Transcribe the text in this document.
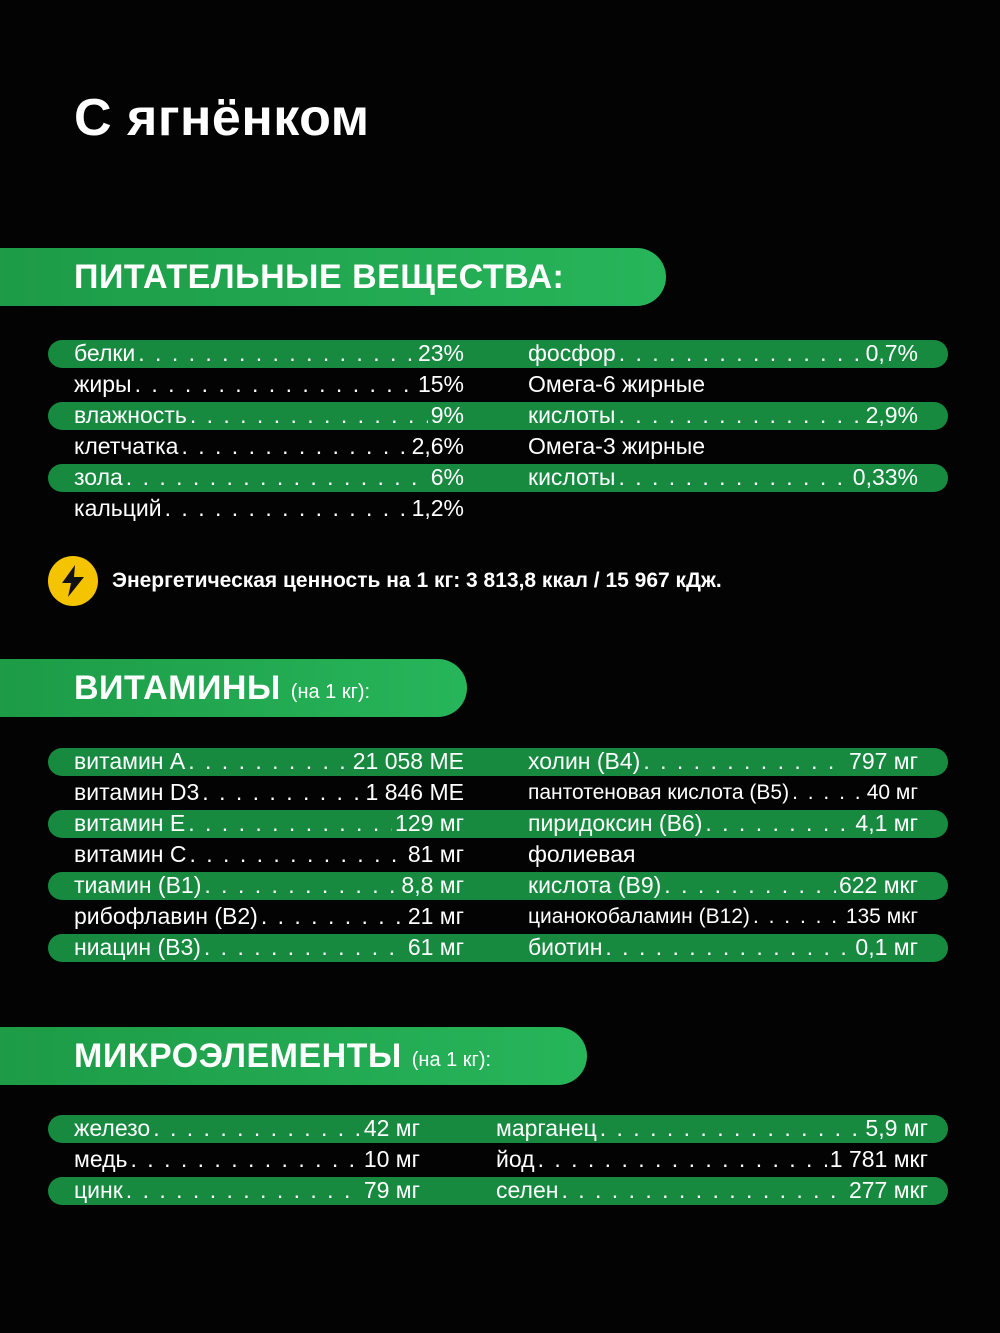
С ягнёнком
ПИТАТЕЛЬНЫЕ ВЕЩЕСТВА:
белки . . .	23%
жиры . . .	15%
влажность . . .	9%
клетчатка . . .	2,6%
зола . . .	6%
кальций . . .	1,2%
фосфор . . .	0,7%
Омега-6 жирные
кислоты . . .	2,9%
Омега-3 жирные
кислоты . . .	0,33%
Энергетическая ценность на 1 кг: 3 813,8 ккал / 15 967 кДж.
ВИТАМИНЫ (на 1 кг):
витамин A . . .	21 058 МЕ
витамин D3 . . .	1 846 МЕ
витамин Е . . .	129 мг
витамин С . . .	81 мг
тиамин (B1) . . .	8,8 мг
рибофлавин (B2) . . .	21 мг
ниацин (B3) . . .	61 мг
холин (B4) . . .	797 мг
пантотеновая кислота (B5) . . .	40 мг
пиридоксин (B6) . . .	4,1 мг
фолиевая
кислота (B9) . . .	622 мкг
цианокобаламин (B12) . . .	135 мкг
биотин . . .	0,1 мг
МИКРОЭЛЕМЕНТЫ (на 1 кг):
железо . . .	42 мг
медь . . .	10 мг
цинк . . .	79 мг
марганец . . .	5,9 мг
йод . . .	1 781 мкг
селен . . .	277 мкг
